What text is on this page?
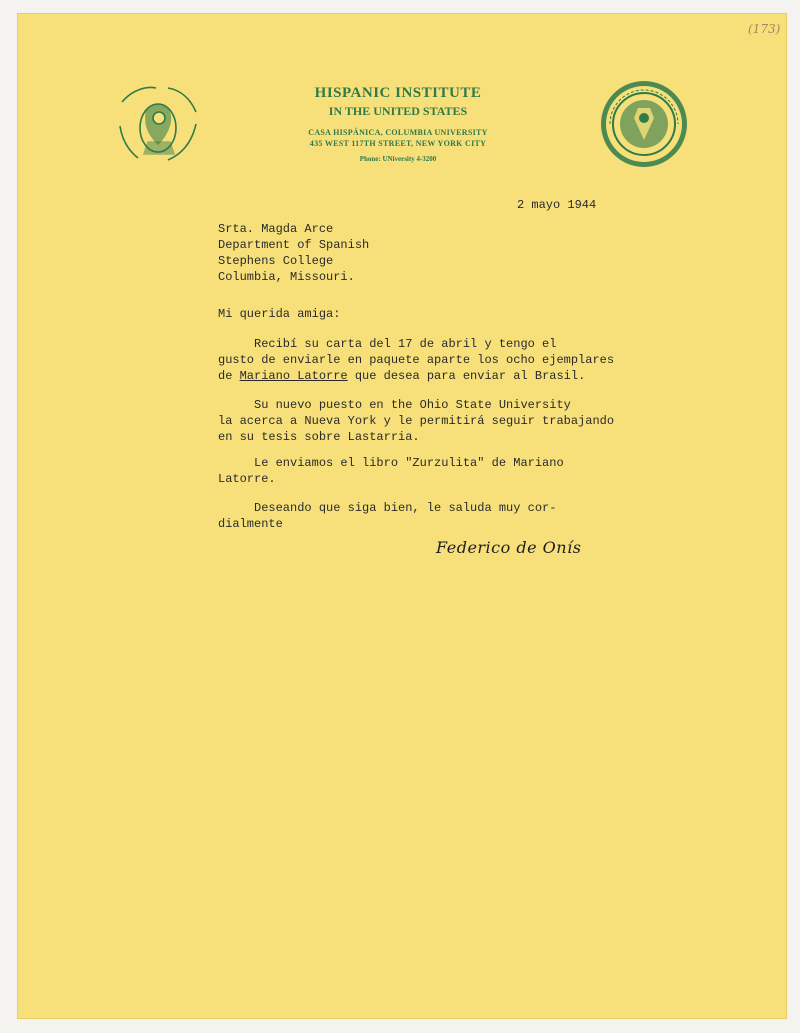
(173)
HISPANIC INSTITUTE
IN THE UNITED STATES
CASA HISPÁNICA, COLUMBIA UNIVERSITY
435 WEST 117TH STREET, NEW YORK CITY
Phone: UNiversity 4-3200
2 mayo 1944
Srta. Magda Arce
Department of Spanish
Stephens College
Columbia, Missouri.
Mi querida amiga:
Recibí su carta del 17 de abril y tengo el
gusto de enviarle en paquete aparte los ocho ejemplares
de Mariano Latorre que desea para enviar al Brasil.
Su nuevo puesto en the Ohio State University
la acerca a Nueva York y le permitirá seguir trabajando
en su tesis sobre Lastarria.
Le enviamos el libro "Zurzulita" de Mariano
Latorre.
Deseando que siga bien, le saluda muy cor-
dialmente
Federico de Onís
